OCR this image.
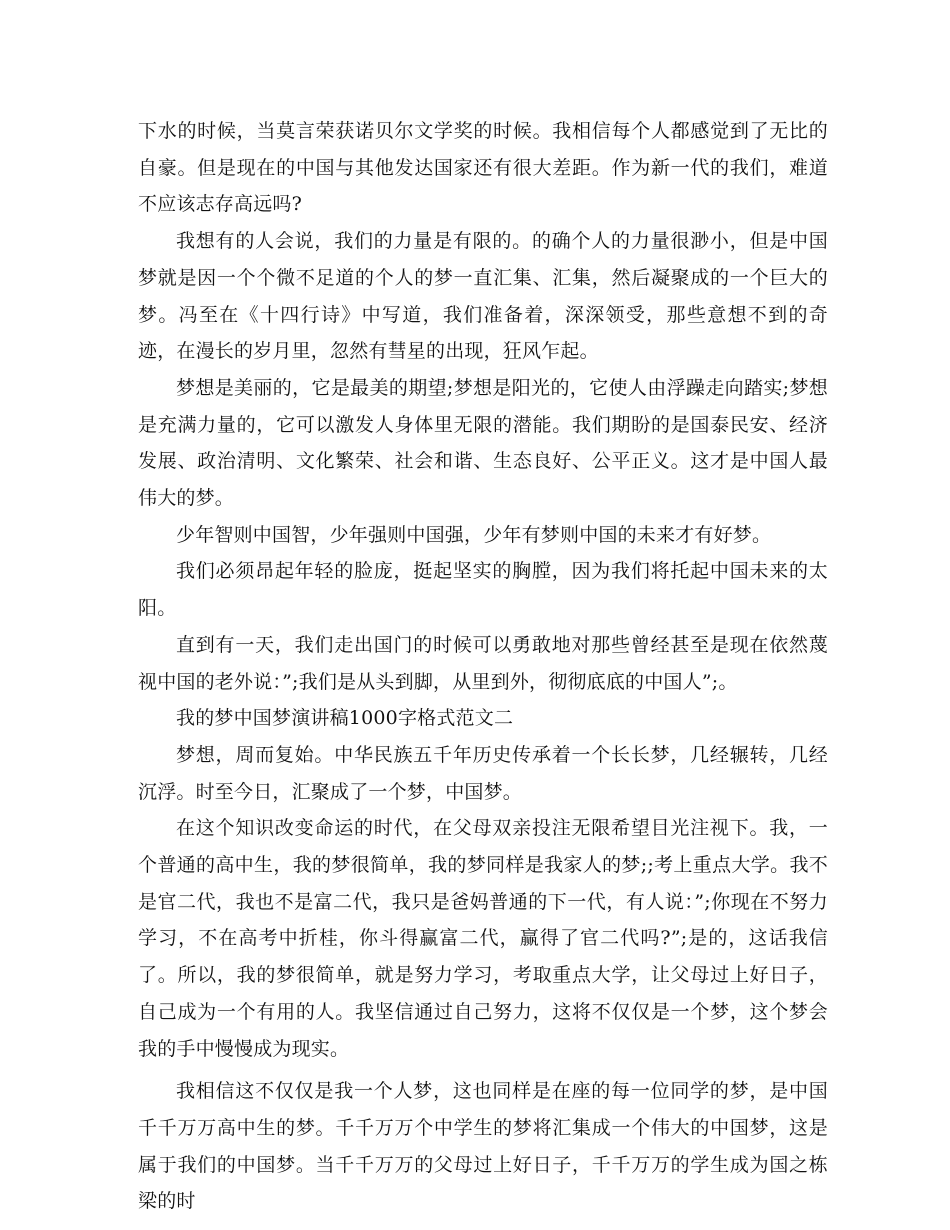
下水的时候，当莫言荣获诺贝尔文学奖的时候。我相信每个人都感觉到了无比的自豪。但是现在的中国与其他发达国家还有很大差距。作为新一代的我们，难道不应该志存高远吗?

我想有的人会说，我们的力量是有限的。的确个人的力量很渺小，但是中国梦就是因一个个微不足道的个人的梦一直汇集、汇集，然后凝聚成的一个巨大的梦。冯至在《十四行诗》中写道，我们准备着，深深领受，那些意想不到的奇迹，在漫长的岁月里，忽然有彗星的出现，狂风乍起。

梦想是美丽的，它是最美的期望;梦想是阳光的，它使人由浮躁走向踏实;梦想是充满力量的，它可以激发人身体里无限的潜能。我们期盼的是国泰民安、经济发展、政治清明、文化繁荣、社会和谐、生态良好、公平正义。这才是中国人最伟大的梦。

少年智则中国智，少年强则中国强，少年有梦则中国的未来才有好梦。

我们必须昂起年轻的脸庞，挺起坚实的胸膛，因为我们将托起中国未来的太阳。

直到有一天，我们走出国门的时候可以勇敢地对那些曾经甚至是现在依然蔑视中国的老外说：”;我们是从头到脚，从里到外，彻彻底底的中国人”;。

我的梦中国梦演讲稿1000字格式范文二

梦想，周而复始。中华民族五千年历史传承着一个长长梦，几经辗转，几经沉浮。时至今日，汇聚成了一个梦，中国梦。

在这个知识改变命运的时代，在父母双亲投注无限希望目光注视下。我，一个普通的高中生，我的梦很简单，我的梦同样是我家人的梦;;考上重点大学。我不是官二代，我也不是富二代，我只是爸妈普通的下一代，有人说：”;你现在不努力学习，不在高考中折桂，你斗得赢富二代，赢得了官二代吗?”;是的，这话我信了。所以，我的梦很简单，就是努力学习，考取重点大学，让父母过上好日子，自己成为一个有用的人。我坚信通过自己努力，这将不仅仅是一个梦，这个梦会我的手中慢慢成为现实。

我相信这不仅仅是我一个人梦，这也同样是在座的每一位同学的梦，是中国千千万万高中生的梦。千千万万个中学生的梦将汇集成一个伟大的中国梦，这是属于我们的中国梦。当千千万万的父母过上好日子，千千万万的学生成为国之栋梁的时
